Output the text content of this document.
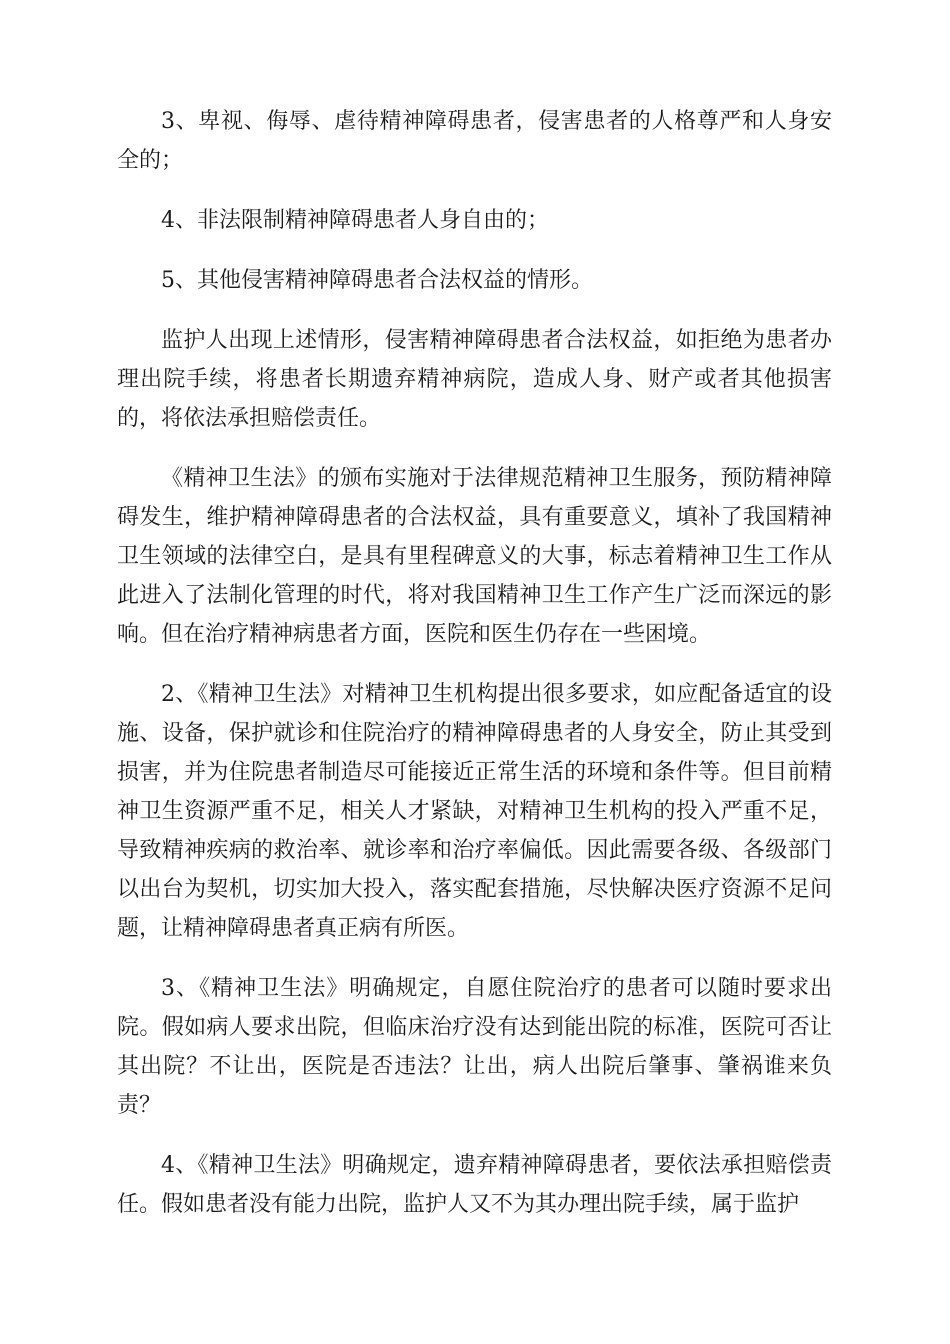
3、卑视、侮辱、虐待精神障碍患者，侵害患者的人格尊严和人身安全的；

4、非法限制精神障碍患者人身自由的；

5、其他侵害精神障碍患者合法权益的情形。

监护人出现上述情形，侵害精神障碍患者合法权益，如拒绝为患者办理出院手续，将患者长期遗弃精神病院，造成人身、财产或者其他损害的，将依法承担赔偿责任。

《精神卫生法》的颁布实施对于法律规范精神卫生服务，预防精神障碍发生，维护精神障碍患者的合法权益，具有重要意义，填补了我国精神卫生领域的法律空白，是具有里程碑意义的大事，标志着精神卫生工作从此进入了法制化管理的时代，将对我国精神卫生工作产生广泛而深远的影响。但在治疗精神病患者方面，医院和医生仍存在一些困境。

2、《精神卫生法》对精神卫生机构提出很多要求，如应配备适宜的设施、设备，保护就诊和住院治疗的精神障碍患者的人身安全，防止其受到损害，并为住院患者制造尽可能接近正常生活的环境和条件等。但目前精神卫生资源严重不足，相关人才紧缺，对精神卫生机构的投入严重不足，导致精神疾病的救治率、就诊率和治疗率偏低。因此需要各级、各级部门以出台为契机，切实加大投入，落实配套措施，尽快解决医疗资源不足问题，让精神障碍患者真正病有所医。

3、《精神卫生法》明确规定，自愿住院治疗的患者可以随时要求出院。假如病人要求出院，但临床治疗没有达到能出院的标准，医院可否让其出院？不让出，医院是否违法？让出，病人出院后肇事、肇祸谁来负责？

4、《精神卫生法》明确规定，遗弃精神障碍患者，要依法承担赔偿责任。假如患者没有能力出院，监护人又不为其办理出院手续，属于监护
